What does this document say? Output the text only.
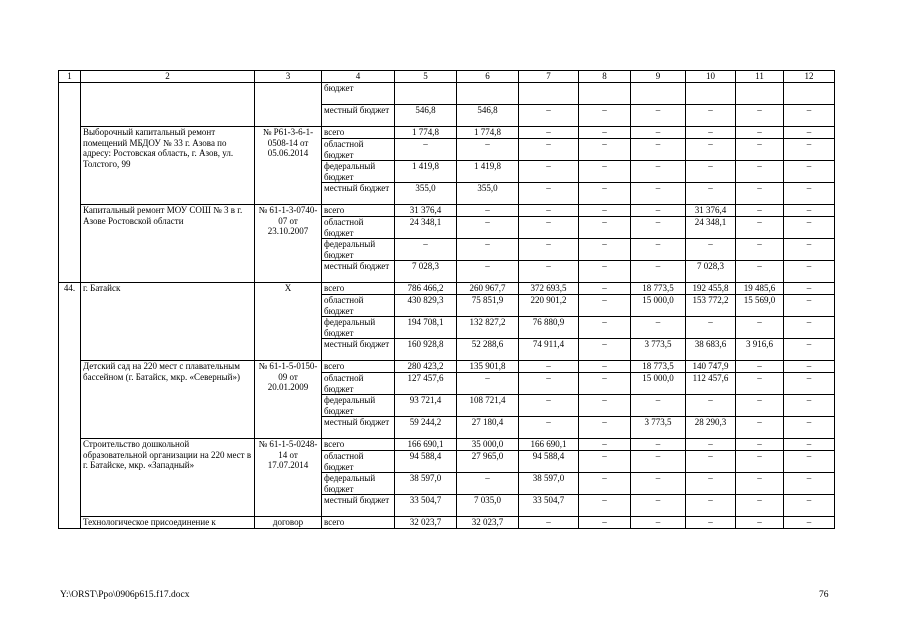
1	2	3	4	5	6	7	8	9	10	11	12
			бюджет								
			местный бюджет	546,8	546,8	–	–	–	–	–	–
	Выборочный капитальный ремонт помещений МБДОУ № 33 г. Азова по адресу: Ростовская область, г. Азов, ул. Толстого, 99	№ Р61-3-6-1-0508-14 от 05.06.2014	всего	1 774,8	1 774,8	–	–	–	–	–	–
			областной бюджет	–	–	–	–	–	–	–	–
			федеральный бюджет	1 419,8	1 419,8	–	–	–	–	–	–
			местный бюджет	355,0	355,0	–	–	–	–	–	–
	Капитальный ремонт МОУ СОШ № 3 в г. Азове Ростовской области	№ 61-1-3-0740-07 от 23.10.2007	всего	31 376,4	–	–	–	–	31 376,4	–	–
			областной бюджет	24 348,1	–	–	–	–	24 348,1	–	–
			федеральный бюджет	–	–	–	–	–	–	–	–
			местный бюджет	7 028,3	–	–	–	–	7 028,3	–	–
44.	г. Батайск	Х	всего	786 466,2	260 967,7	372 693,5	–	18 773,5	192 455,8	19 485,6	–
			областной бюджет	430 829,3	75 851,9	220 901,2	–	15 000,0	153 772,2	15 569,0	–
			федеральный бюджет	194 708,1	132 827,2	76 880,9	–	–	–	–	–
			местный бюджет	160 928,8	52 288,6	74 911,4	–	3 773,5	38 683,6	3 916,6	–
	Детский сад на 220 мест с плавательным бассейном (г. Батайск, мкр. «Северный»)	№ 61-1-5-0150-09 от 20.01.2009	всего	280 423,2	135 901,8	–	–	18 773,5	140 747,9	–	–
			областной бюджет	127 457,6	–	–	–	15 000,0	112 457,6	–	–
			федеральный бюджет	93 721,4	108 721,4	–	–	–	–	–	–
			местный бюджет	59 244,2	27 180,4	–	–	3 773,5	28 290,3	–	–
	Строительство дошкольной образовательной организации на 220 мест в г. Батайске, мкр. «Западный»	№ 61-1-5-0248-14 от 17.07.2014	всего	166 690,1	35 000,0	166 690,1	–	–	–	–	–
			областной бюджет	94 588,4	27 965,0	94 588,4	–	–	–	–	–
			федеральный бюджет	38 597,0	–	38 597,0	–	–	–	–	–
			местный бюджет	33 504,7	7 035,0	33 504,7	–	–	–	–	–
	Технологическое присоединение к	договор	всего	32 023,7	32 023,7	–	–	–	–	–	–
Y:\ORST\Ppo\0906p615.f17.docx	76
